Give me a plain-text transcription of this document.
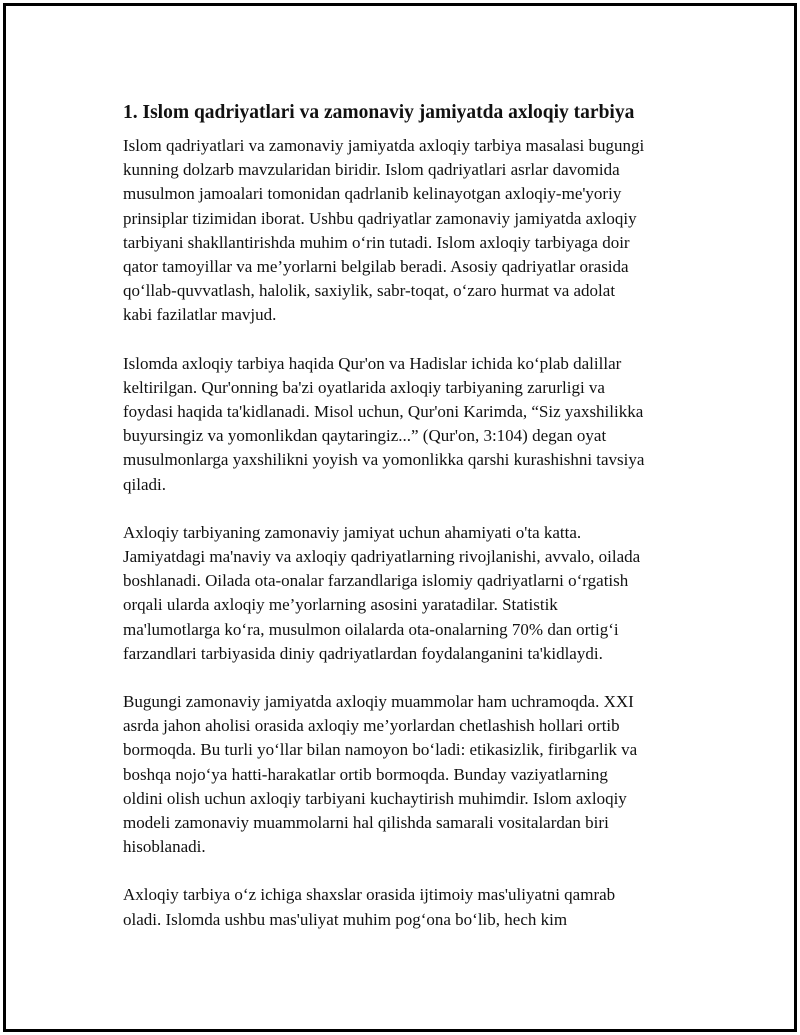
1. Islom qadriyatlari va zamonaviy jamiyatda axloqiy tarbiya

Islom qadriyatlari va zamonaviy jamiyatda axloqiy tarbiya masalasi bugungi
kunning dolzarb mavzularidan biridir. Islom qadriyatlari asrlar davomida
musulmon jamoalari tomonidan qadrlanib kelinayotgan axloqiy-me'yoriy
prinsiplar tizimidan iborat. Ushbu qadriyatlar zamonaviy jamiyatda axloqiy
tarbiyani shakllantirishda muhim o‘rin tutadi. Islom axloqiy tarbiyaga doir
qator tamoyillar va me’yorlarni belgilab beradi. Asosiy qadriyatlar orasida
qo‘llab-quvvatlash, halolik, saxiylik, sabr-toqat, o‘zaro hurmat va adolat
kabi fazilatlar mavjud.

Islomda axloqiy tarbiya haqida Qur'on va Hadislar ichida ko‘plab dalillar
keltirilgan. Qur'onning ba'zi oyatlarida axloqiy tarbiyaning zarurligi va
foydasi haqida ta'kidlanadi. Misol uchun, Qur'oni Karimda, “Siz yaxshilikka
buyursingiz va yomonlikdan qaytaringiz...” (Qur'on, 3:104) degan oyat
musulmonlarga yaxshilikni yoyish va yomonlikka qarshi kurashishni tavsiya
qiladi.

Axloqiy tarbiyaning zamonaviy jamiyat uchun ahamiyati o'ta katta.
Jamiyatdagi ma'naviy va axloqiy qadriyatlarning rivojlanishi, avvalo, oilada
boshlanadi. Oilada ota-onalar farzandlariga islomiy qadriyatlarni o‘rgatish
orqali ularda axloqiy me’yorlarning asosini yaratadilar. Statistik
ma'lumotlarga ko‘ra, musulmon oilalarda ota-onalarning 70% dan ortig‘i
farzandlari tarbiyasida diniy qadriyatlardan foydalanganini ta'kidlaydi.

Bugungi zamonaviy jamiyatda axloqiy muammolar ham uchramoqda. XXI
asrda jahon aholisi orasida axloqiy me’yorlardan chetlashish hollari ortib
bormoqda. Bu turli yo‘llar bilan namoyon bo‘ladi: etikasizlik, firibgarlik va
boshqa nojo‘ya hatti-harakatlar ortib bormoqda. Bunday vaziyatlarning
oldini olish uchun axloqiy tarbiyani kuchaytirish muhimdir. Islom axloqiy
modeli zamonaviy muammolarni hal qilishda samarali vositalardan biri
hisoblanadi.

Axloqiy tarbiya o‘z ichiga shaxslar orasida ijtimoiy mas'uliyatni qamrab
oladi. Islomda ushbu mas'uliyat muhim pog‘ona bo‘lib, hech kim
